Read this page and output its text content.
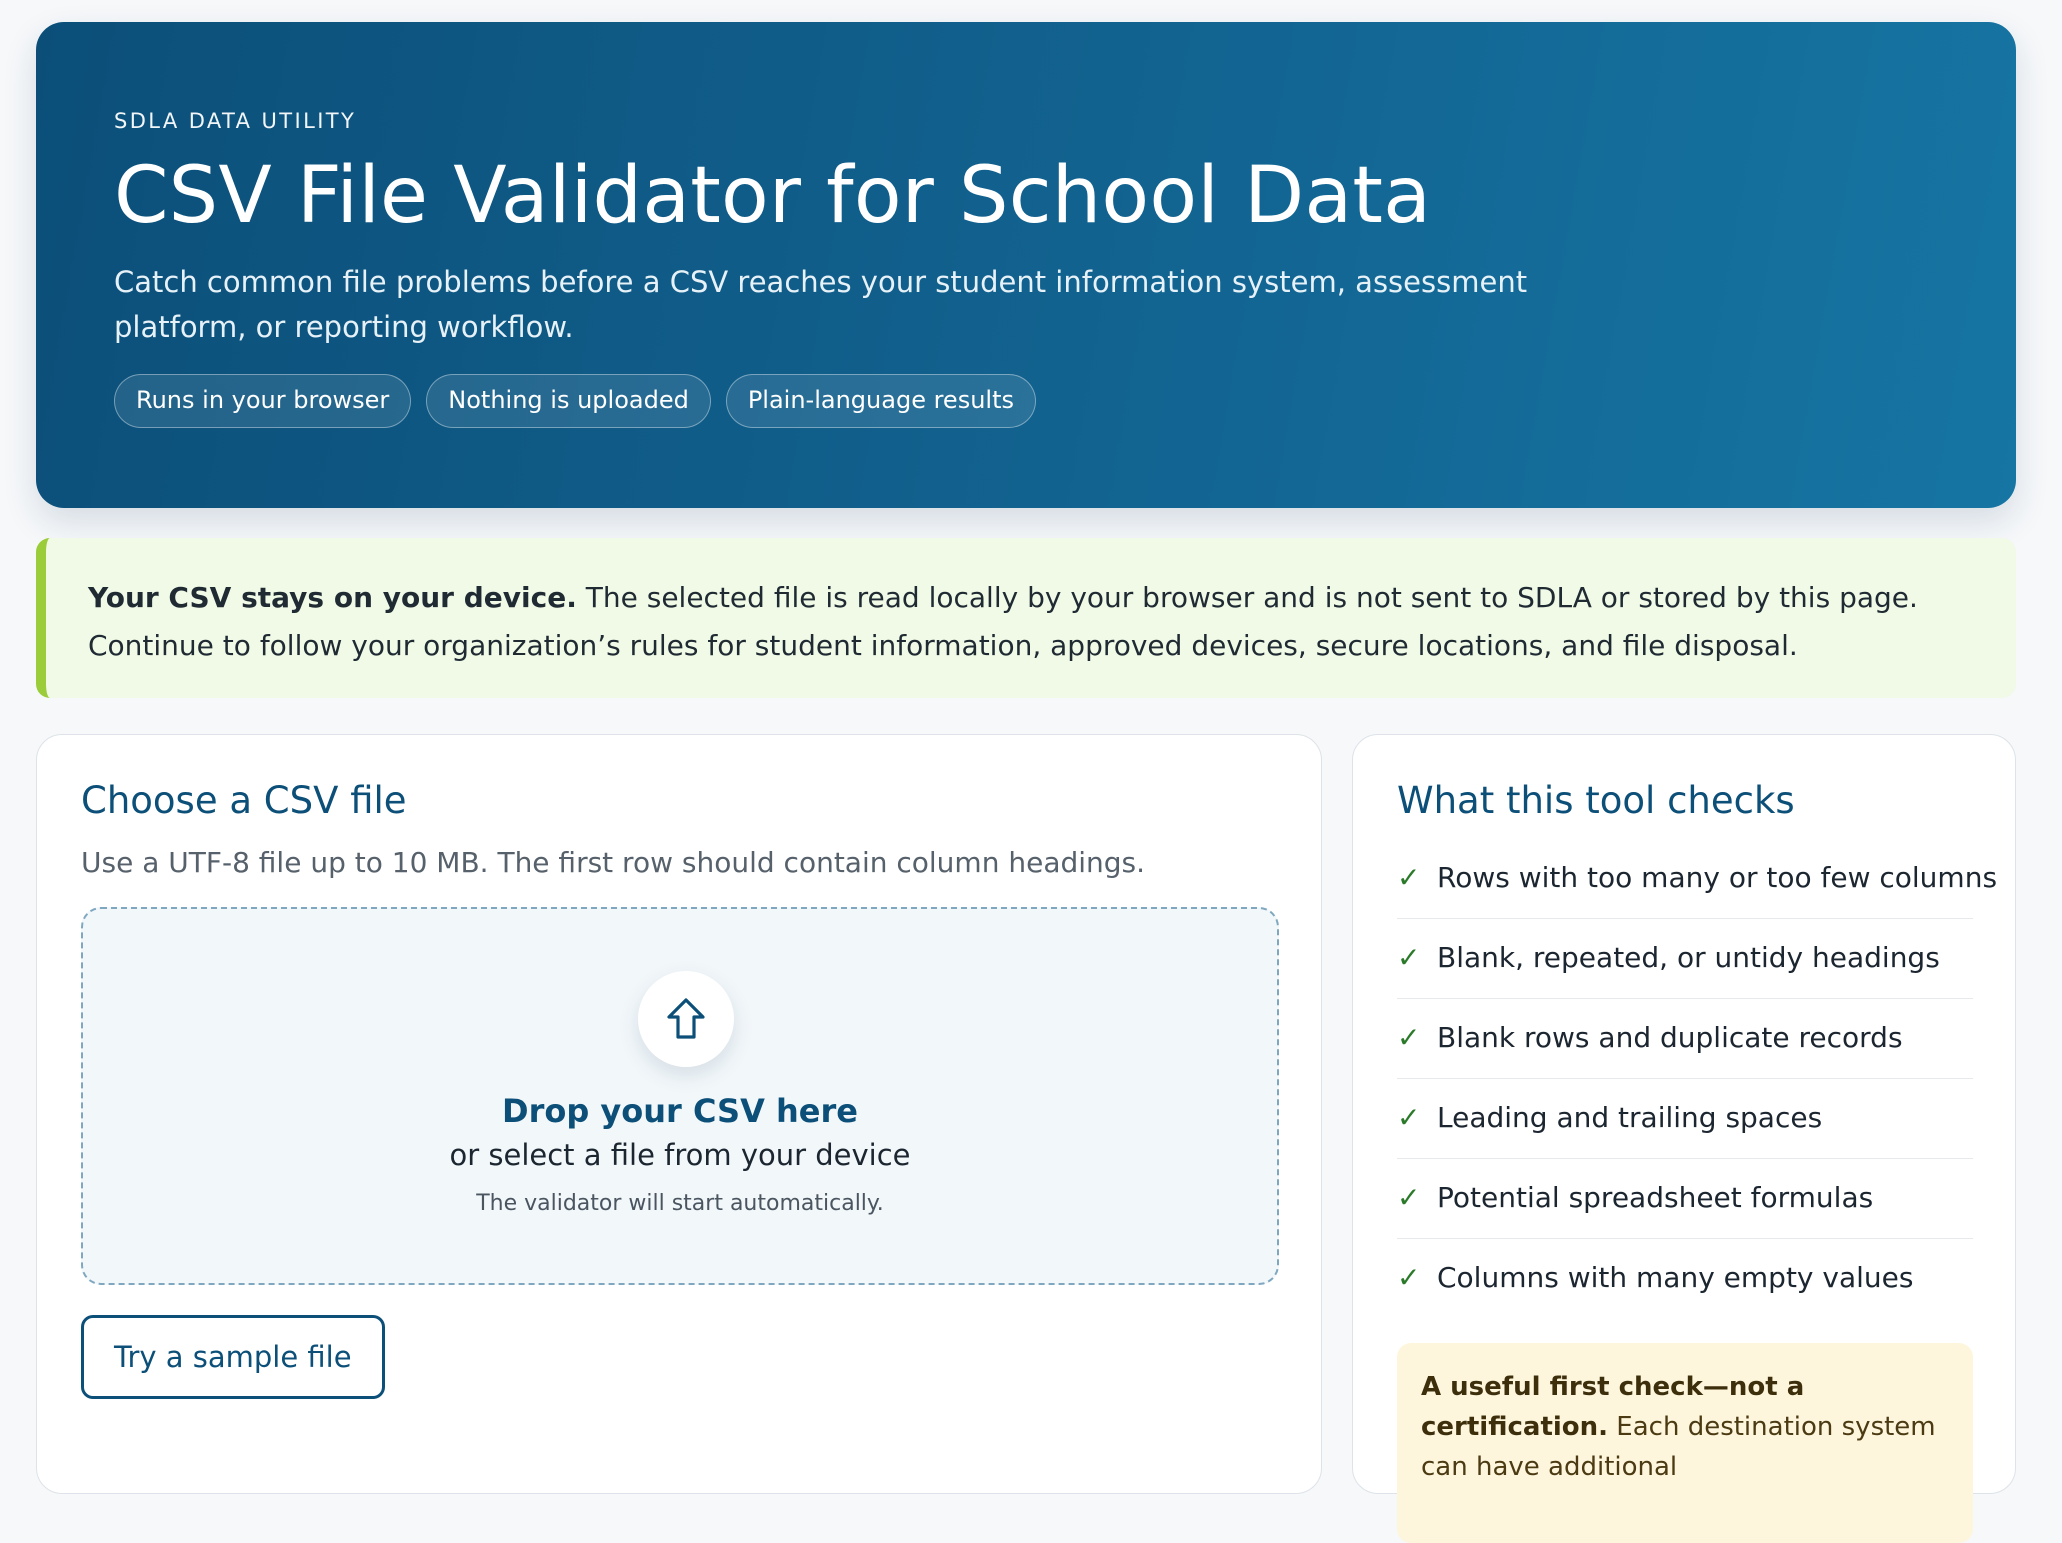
SDLA DATA UTILITY

CSV File Validator for School Data

Catch common file problems before a CSV reaches your student information system, assessment platform, or reporting workflow.

Runs in your browser	Nothing is uploaded	Plain-language results
Your CSV stays on your device. The selected file is read locally by your browser and is not sent to SDLA or stored by this page.
Continue to follow your organization’s rules for student information, approved devices, secure locations, and file disposal.
Choose a CSV file

Use a UTF-8 file up to 10 MB. The first row should contain column headings.

Drop your CSV here
or select a file from your device
The validator will start automatically.
Try a sample file
What this tool checks
✓ Rows with too many or too few columns
✓ Blank, repeated, or untidy headings
✓ Blank rows and duplicate records
✓ Leading and trailing spaces
✓ Potential spreadsheet formulas
✓ Columns with many empty values
A useful first check—not a certification. Each destination system can have additional
